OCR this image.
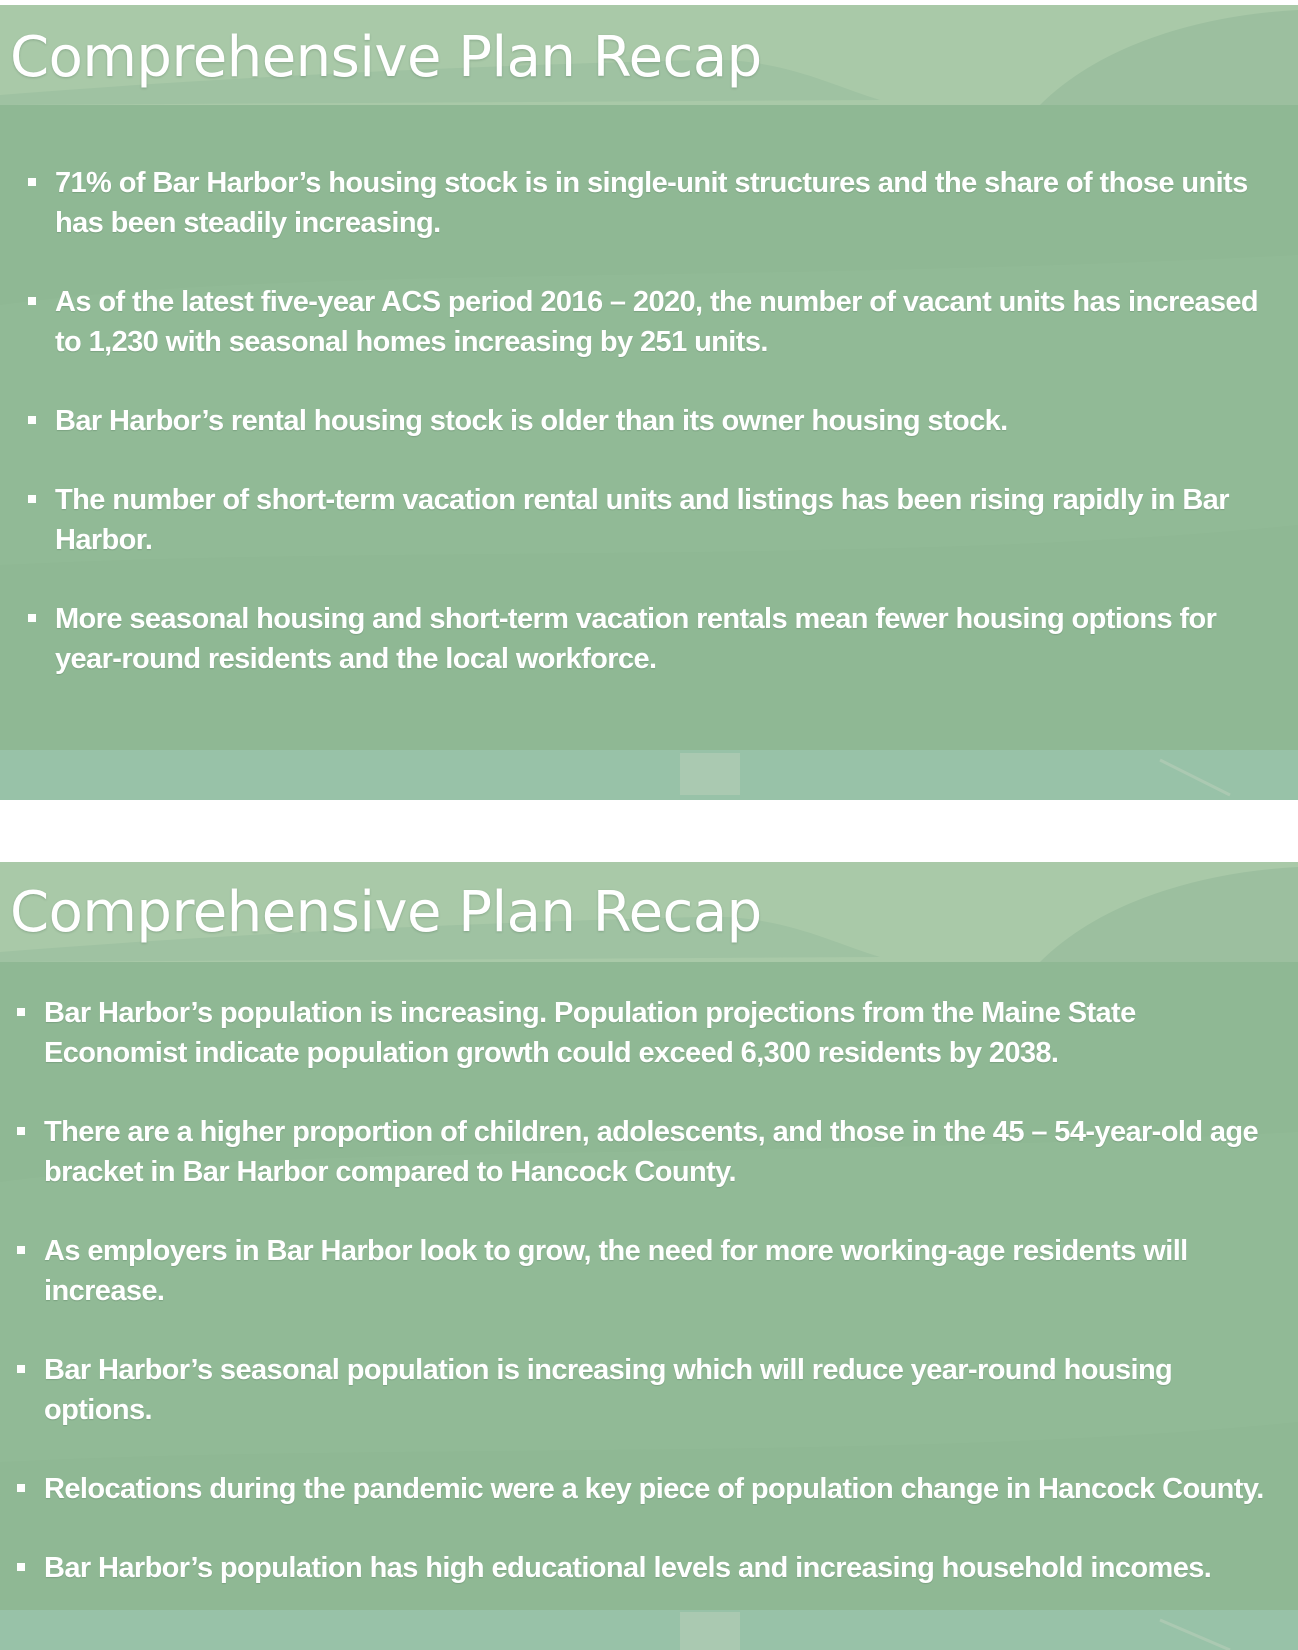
Comprehensive Plan Recap
71% of Bar Harbor’s housing stock is in single-unit structures and the share of those units has been steadily increasing.
As of the latest five-year ACS period 2016 – 2020, the number of vacant units has increased to 1,230 with seasonal homes increasing by 251 units.
Bar Harbor’s rental housing stock is older than its owner housing stock.
The number of short-term vacation rental units and listings has been rising rapidly in Bar Harbor.
More seasonal housing and short-term vacation rentals mean fewer housing options for year-round residents and the local workforce.
Comprehensive Plan Recap
Bar Harbor’s population is increasing. Population projections from the Maine State Economist indicate population growth could exceed 6,300 residents by 2038.
There are a higher proportion of children, adolescents, and those in the 45 – 54-year-old age bracket in Bar Harbor compared to Hancock County.
As employers in Bar Harbor look to grow, the need for more working-age residents will increase.
Bar Harbor’s seasonal population is increasing which will reduce year-round housing options.
Relocations during the pandemic were a key piece of population change in Hancock County.
Bar Harbor’s population has high educational levels and increasing household incomes.
